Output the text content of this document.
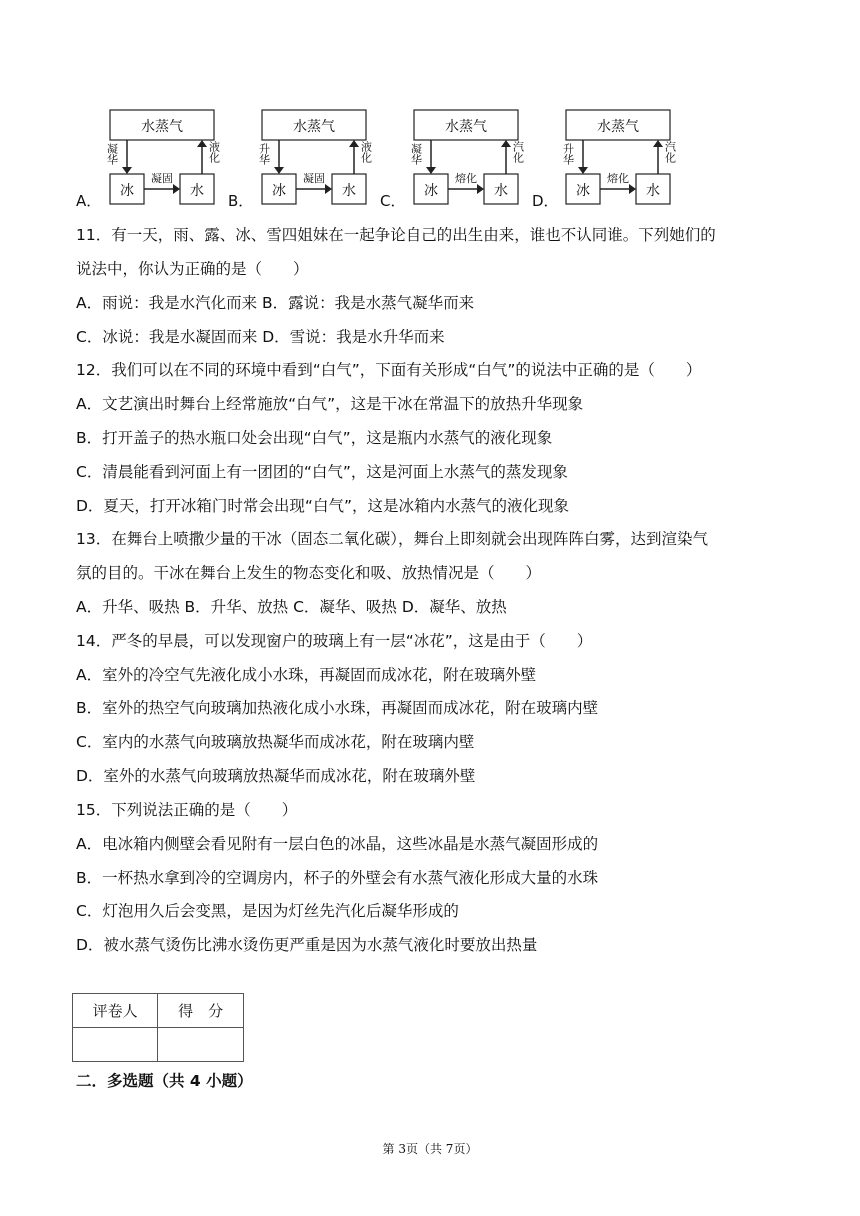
A．
水蒸气
冰	水
凝华
凝固
液化
B．
水蒸气
冰	水
升华
凝固
液化
C．
水蒸气
冰	水
凝华
熔化
汽化
D．
水蒸气
冰	水
升华
熔化
汽化
11．有一天，雨、露、冰、雪四姐妹在一起争论自己的出生由来，谁也不认同谁。下列她们的
说法中，你认为正确的是（　　）
A．雨说：我是水汽化而来 B．露说：我是水蒸气凝华而来
C．冰说：我是水凝固而来 D．雪说：我是水升华而来
12．我们可以在不同的环境中看到“白气”，下面有关形成“白气”的说法中正确的是（　　）
A．文艺演出时舞台上经常施放“白气”，这是干冰在常温下的放热升华现象
B．打开盖子的热水瓶口处会出现“白气”，这是瓶内水蒸气的液化现象
C．清晨能看到河面上有一团团的“白气”，这是河面上水蒸气的蒸发现象
D．夏天，打开冰箱门时常会出现“白气”，这是冰箱内水蒸气的液化现象
13．在舞台上喷撒少量的干冰（固态二氧化碳），舞台上即刻就会出现阵阵白雾，达到渲染气
氛的目的。干冰在舞台上发生的物态变化和吸、放热情况是（　　）
A．升华、吸热 B．升华、放热 C．凝华、吸热 D．凝华、放热
14．严冬的早晨，可以发现窗户的玻璃上有一层“冰花”，这是由于（　　）
A．室外的冷空气先液化成小水珠，再凝固而成冰花，附在玻璃外壁
B．室外的热空气向玻璃加热液化成小水珠，再凝固而成冰花，附在玻璃内壁
C．室内的水蒸气向玻璃放热凝华而成冰花，附在玻璃内壁
D．室外的水蒸气向玻璃放热凝华而成冰花，附在玻璃外壁
15．下列说法正确的是（　　）
A．电冰箱内侧壁会看见附有一层白色的冰晶，这些冰晶是水蒸气凝固形成的
B．一杯热水拿到冷的空调房内，杯子的外壁会有水蒸气液化形成大量的水珠
C．灯泡用久后会变黑，是因为灯丝先汽化后凝华形成的
D．被水蒸气烫伤比沸水烫伤更严重是因为水蒸气液化时要放出热量
评卷人	得　分

二．多选题（共 4 小题）
第 3页（共 7页）
